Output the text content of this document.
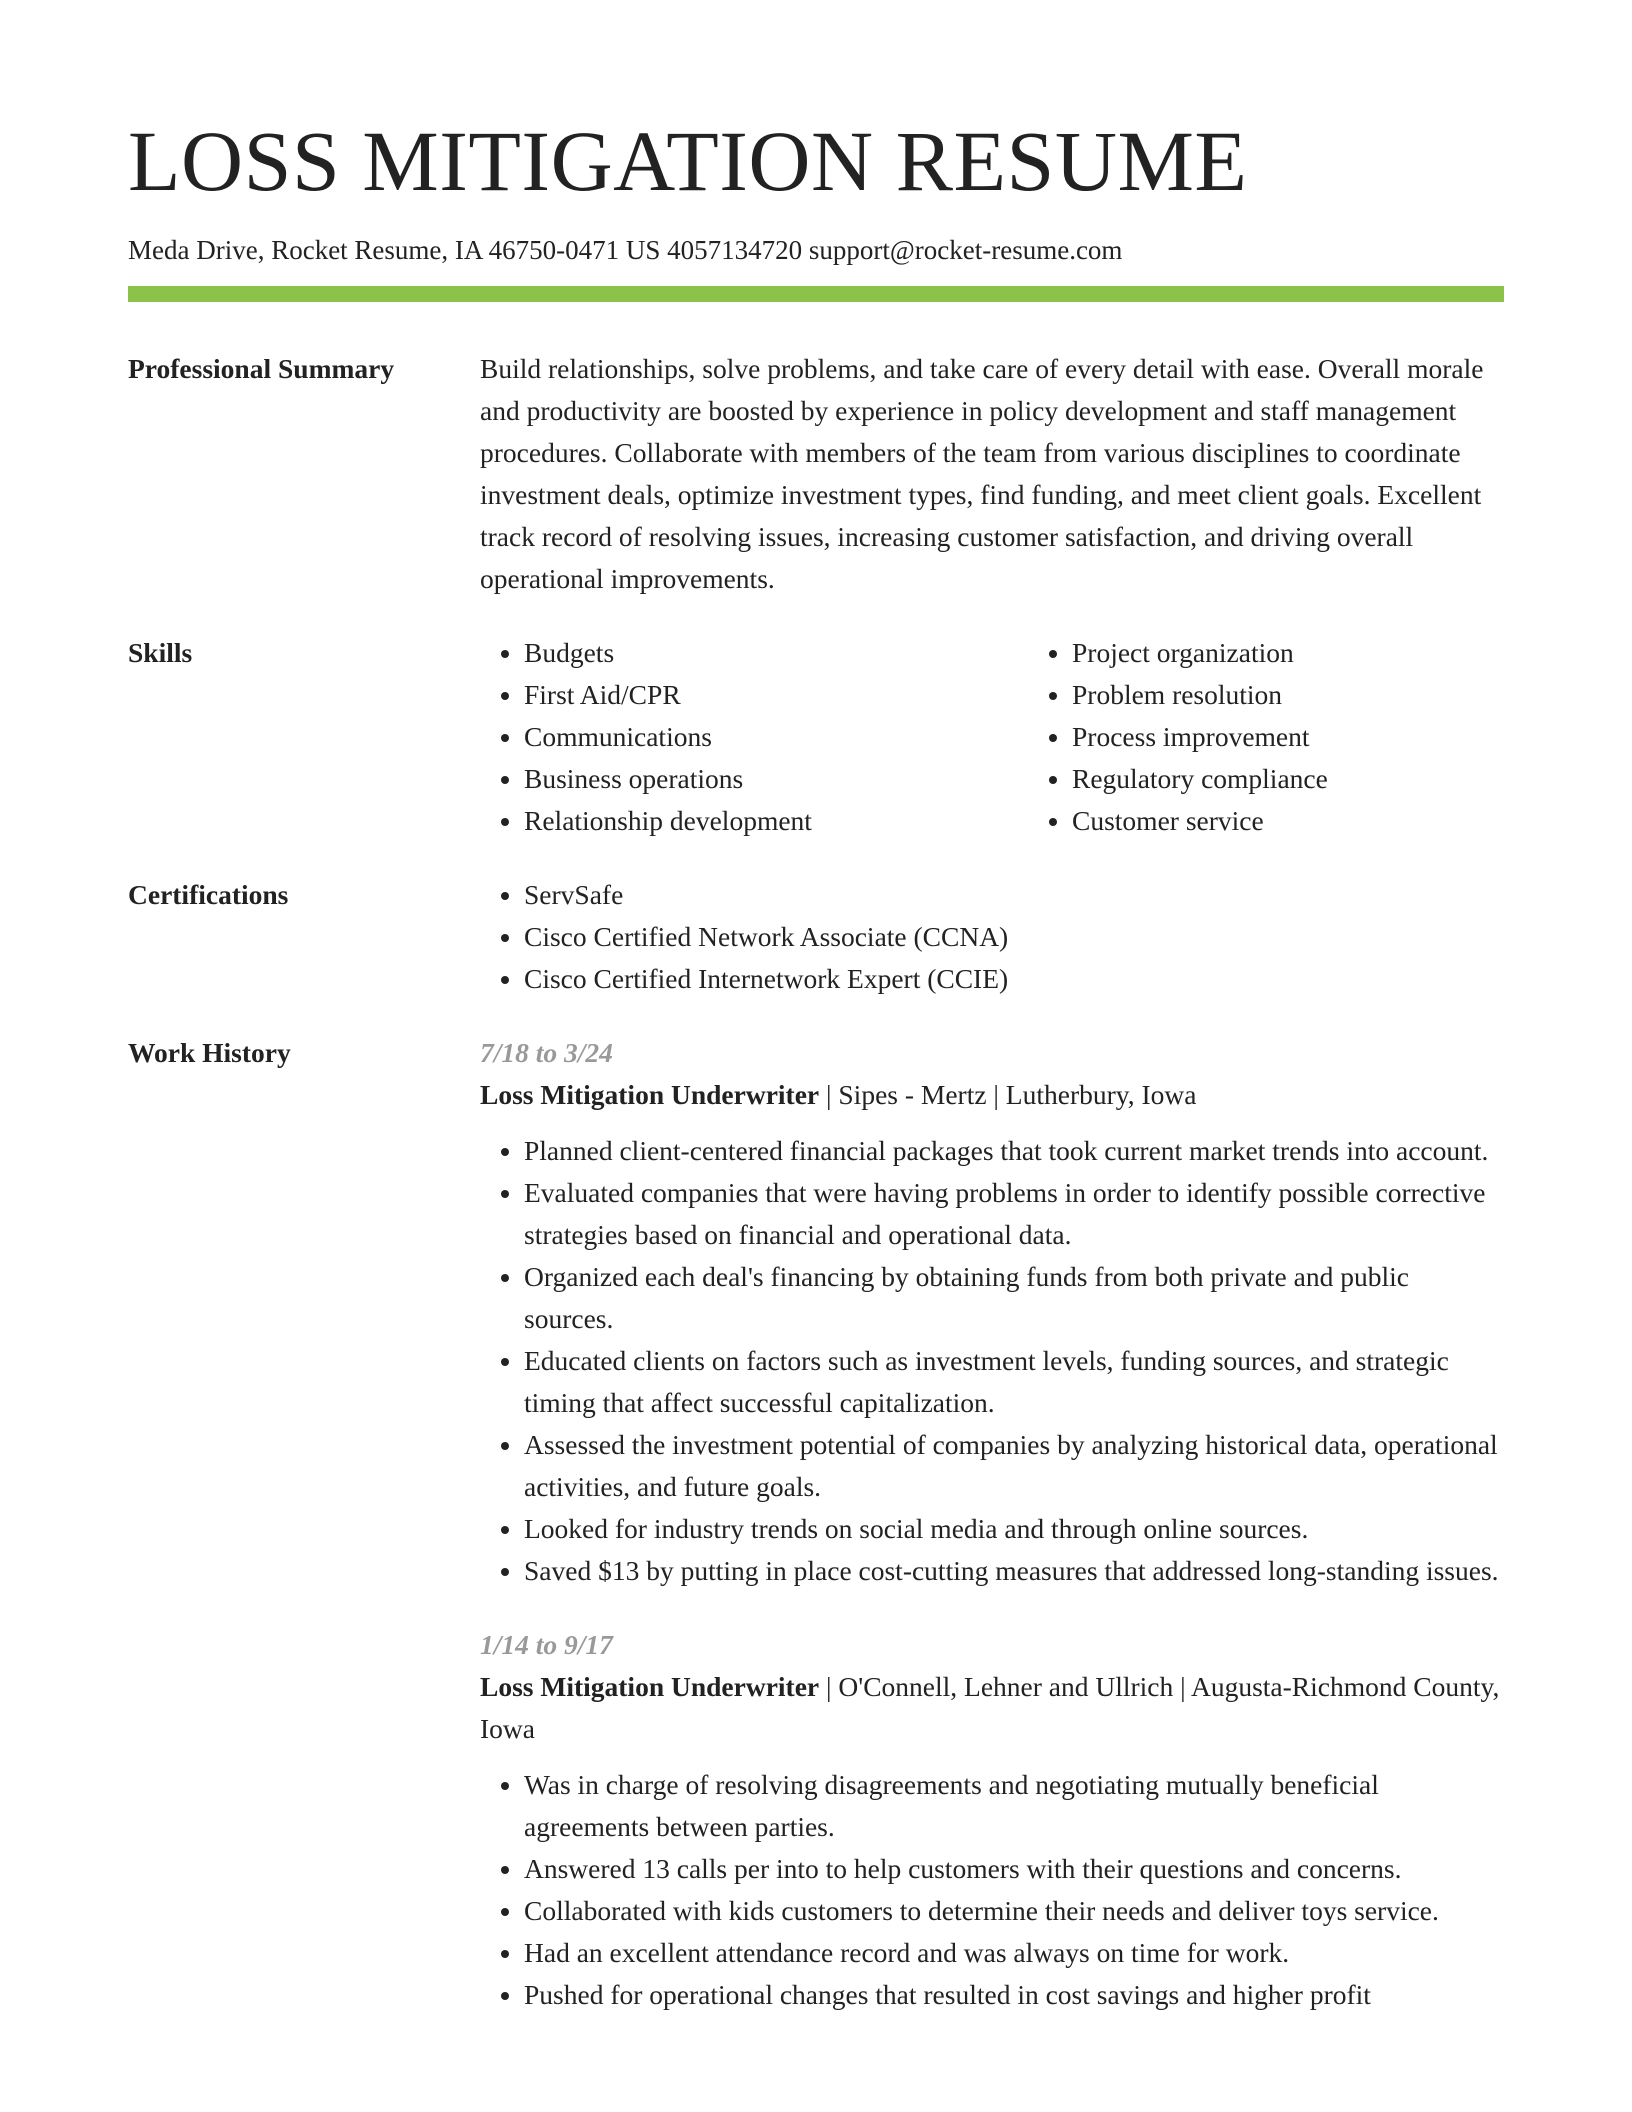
LOSS MITIGATION RESUME
Meda Drive, Rocket Resume, IA 46750-0471 US 4057134720 support@rocket-resume.com
Professional Summary	Build relationships, solve problems, and take care of every detail with ease. Overall morale and productivity are boosted by experience in policy development and staff management procedures. Collaborate with members of the team from various disciplines to coordinate investment deals, optimize investment types, find funding, and meet client goals. Excellent track record of resolving issues, increasing customer satisfaction, and driving overall operational improvements.

Skills	• Budgets
• First Aid/CPR
• Communications
• Business operations
• Relationship development
• Project organization
• Problem resolution
• Process improvement
• Regulatory compliance
• Customer service
Certifications	• ServSafe
• Cisco Certified Network Associate (CCNA)
• Cisco Certified Internetwork Expert (CCIE)
Work History	7/18 to 3/24
Loss Mitigation Underwriter | Sipes - Mertz | Lutherbury, Iowa
• Planned client-centered financial packages that took current market trends into account.
• Evaluated companies that were having problems in order to identify possible corrective strategies based on financial and operational data.
• Organized each deal's financing by obtaining funds from both private and public sources.
• Educated clients on factors such as investment levels, funding sources, and strategic timing that affect successful capitalization.
• Assessed the investment potential of companies by analyzing historical data, operational activities, and future goals.
• Looked for industry trends on social media and through online sources.
• Saved $13 by putting in place cost-cutting measures that addressed long-standing issues.
1/14 to 9/17
Loss Mitigation Underwriter | O'Connell, Lehner and Ullrich | Augusta-Richmond County, Iowa
• Was in charge of resolving disagreements and negotiating mutually beneficial agreements between parties.
• Answered 13 calls per into to help customers with their questions and concerns.
• Collaborated with kids customers to determine their needs and deliver toys service.
• Had an excellent attendance record and was always on time for work.
• Pushed for operational changes that resulted in cost savings and higher profit
